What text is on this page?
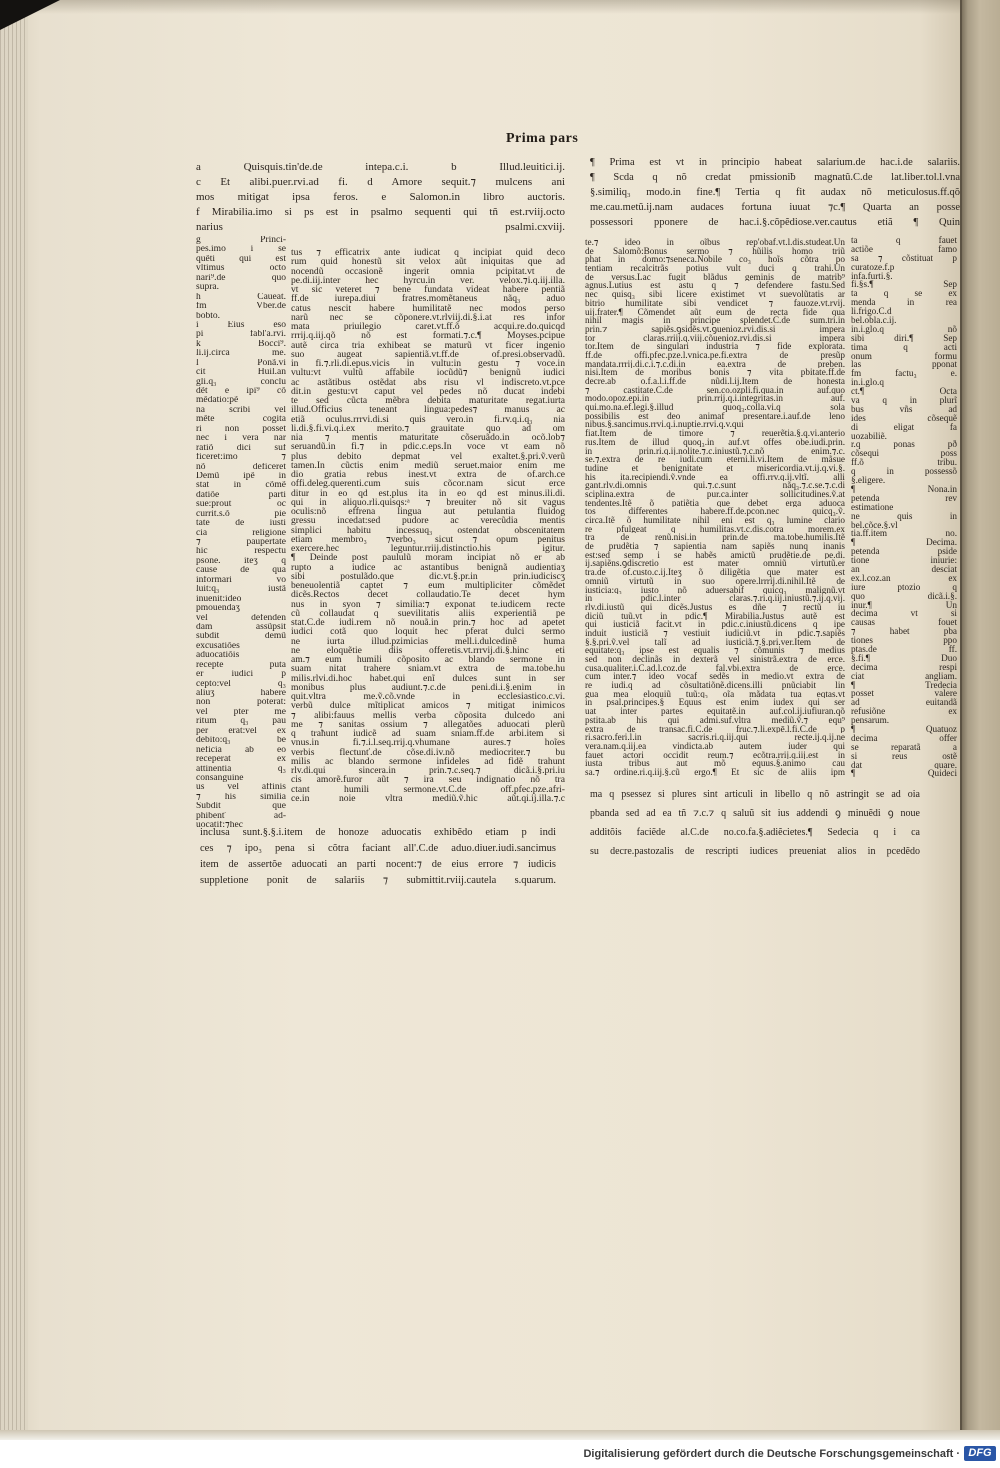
Prima pars
a Quisquis.tin'de.de intepa.c.i. b Illud.leuitici.ij.
c Et alibi.puer.rvi.ad fi. d Amore sequit.⁊ mulcens ani
mos mitigat ipsa feros. e Salomon.in libro auctoris.
f Mirabilia.imo si ps est in psalmo sequenti qui tñ est.rviij.octo
narius psalmi.cxviij.
g Princi-
pes.imo i se
quẽti qui est
vltimus octo
nari⁹.de quo
supra.
h Caueat.
fm Vber.de
bobto.
i Eius eso
pi fabl'a.rvi.
k Bocci⁹.
li.ij.circa me.
l Ponã.ví
cit Huil.an
gli.q₃ conclu
dẽt e ipi⁹ cõ
mẽdatio:pẽ
na scribi vel
mẽte cogita
ri non posset
nec i vera nar
ratiõ dici suf
ficeret:imo ⁊
nõ deficeret
Demũ ipẽ in
stat in cõmẽ
datiõe parti
sue:prout oc
currit.s.õ pie
tate de iusti
cia religione
⁊ paupertate
hic respectu
psone. iteʒ q
cause de qua
informari vo
luit:q₃ iustã
inuenit:ideo
pmouendaʒ
vel defenden
dam assũpsit
subdit demũ
excusatiões
aduocatiõis
recepte puta
er iudici p
cepto:vel q₃
aliuʒ habere
non poterat:
vel pter me
ritum q₃ pau
per erat:vel ex
debito:q₃ be
neficia ab eo
receperat ex
attinentia q₃
consanguine
us vel affinis
⁊ his similia
Subdit que
phibenť ad-
uocatif:⁊hec
tus ⁊ efficatrix ante iudicat q incipiat quid deco
rum quid honestũ sit velox aũt iniquitas que ad
nocendũ occasionẽ ingerit omnia pcipitat.vt de
pe.di.iij.inter hec hyrcu.in ver. velox.⁊i.q.iij.illa.
vt sic veteret ⁊ bene fundata videat habere pentiã
ff.de iurepa.diui fratres.momẽtaneus nãq₃ aduo
catus nescit habere humilitatẽ nec modos perso
narũ nec se cõponere.vt.rlviij.di.§.i.at res infor
mata priuilegio caret.vt.ff.õ acqui.re.do.quicqd
rrrij.q.iij.qõ nõ est formati.⁊.c.¶ Moyses.pcipue
autẽ circa tria exhibeat se maturũ vt ficer ingenio
suo augeat sapientiã.vt.ff.de of.presi.observadũ.
in fi.⁊.rli.di.epus.vicis in vultu:in gestu ⁊ voce.in
vultu:vt vultũ affabile iocũdũ⁊ benignũ iudici
ac astãtibus ostẽdat abs risu vl indiscreto.vt.pce
dit.in gestu:vt caput vel pedes nõ ducat indebi
te sed cũcta mẽbra debita maturitate regat.iurta
illud.Officius teneant lingua:pedes⁊ manus ac
etiã oculus.rrrvi.di.si quis vero.in fi.rv.q.i.q₃ nia
li.di.§.fi.vi.q.i.ex merito.⁊ grauitate quo ad om
nia ⁊ mentis maturitate cõseruãdo.in ocõ.lob⁊
seruandũ.in fi.⁊ in pdic.c.eps.In voce vt eam nõ
plus debito depmat vel exaltet.§.pri.ṽ.verũ
tamen.In cũctis enim mediũ seruet.maior enim me
dio gratia rebus inest.vt extra de of.arch.ce
offi.deleg.querenti.cum suis cõcor.nam sicut erce
ditur in eo qd est.plus ita in eo qd est minus.ili.di.
qui in aliquo.rli.quisqs:ᵃ ⁊ breuiter nõ sit vagus
oculis:nõ effrena lingua aut petulantia fluidog
gressu incedat:sed pudore ac verecũdia mentis
simplici habitu incessuq₃ ostendat obscenitatem
etiam membro₃ ⁊verbo₃ sicut ⁊ opum penitus
exercere.hec leguntur.rriij.distinctio.his igitur.
¶ Deinde post paululũ moram incipiat nõ er ab
rupto a iudice ac astantibus benignã audientiaʒ
sibi postulãdo.que dic.vt.§.pr.in prin.iudiciscʒ
beneuolentiã captet ⁊ eum multipliciter cõmẽdet
dicẽs.Rectos decet collaudatio.Te decet hym
nus in syon ⁊ similia:⁊ exponat te.iudicem recte
cũ collaudat q suevilitatis aliis experientiã pe
stat.C.de iudi.rem nõ nouã.in prin.⁊ hoc ad apetet
iudici cotã quo loquit hec pferat dulci sermo
ne iurta illud.pzimicias mell.i.dulcedinẽ huma
ne eloquẽtie diis offeretis.vt.rrrvij.di.§.hinc eti
am.⁊ eum humili cõposito ac blando sermone in
suam nitat trahere sniam.vt extra de ma.tobe.hu
milis.rlvi.di.hoc habet.qui enĩ dulces sunt in ser
monibus plus audiunt.⁊.c.de peni.di.i.§.enim in
quit.vltra me.ṽ.cõ.vnde in ecclesiastico.c.vi.
verbũ dulce mĩtiplicat amicos ⁊ mitigat inimicos
⁊ alibi:fauus mellis verba cõposita dulcedo ani
me ⁊ sanitas ossium ⁊ allegatões aduocati plerũ
q traħunt iudicẽ ad suam sniam.ff.de arbi.item si
vnus.in fi.⁊.i.l.seq.rrij.q.vhumane aures.⁊ hoĩes
verbis flectunť.de cõse.di.iv.nõ mediocriter.⁊ bu
milis ac blando sermone infideles ad fidẽ trahunt
rlv.di.qui sincera.in prin.⁊.c.seq.⁊ dicã.i.§.pri.iu
cis amorẽ.furor aũt ⁊ ira seu indignatio nõ tra
ctant humili sermone.vt.C.de off.pfec.pze.afri-
ce.in noie vltra mediũ.ṽ.hic aũt.qi.ij.illa.⁊.c
inclusa sunt.§.§.i.item de honoze aduocatis exhibẽdo etiam p indi
ces ⁊ ipo₃ pena si cõtra faciant all'.C.de aduo.diuer.iudi.sancimus
item de assertõe aduocati an parti nocent:⁊ de eius errore ⁊ iudicis
suppletione ponit de salariis ⁊ submittit.rviij.cautela s.quarum.
¶ Prima est vt in principio habeat salarium.de hac.i.de salariis.
¶ Scda q nõ credat pmissioniƀ magnatũ.C.de lat.liber.tol.l.vna
§.similiq₃ modo.in fine.¶ Tertia q fit audax nõ meticulosus.ff.qõ
me.cau.metũ.ij.nam audaces fortuna iuuat ⁊c.¶ Quarta an posse
possessori pponere de hac.i.§.cõpẽdiose.ver.cautus etiã ¶ Quin
te.⁊ ideo in oĩbus rep'obaf.vt.l.dis.studeat.Un
de Salomõ:Bonus sermo ⁊ hũilis homo triũ
phat in domo:⁊seneca.Nobile co₃ hoĩs cõtra po
tentiam recalcitrãs potius vult duci q trahi.Un
de versus.Lac fugit blãdus geminis de matrib⁹
agnus.Lutius est astu q ⁊ defendere fastu.Sed
nec quisq₃ sibi licere existimet vt suevolũtatis ar
bitrio humilitate sibi vendicet ⁊ fauoze.vt.rvij.
uij.frater.¶ Cõmendet aũt eum de recta fide qua
nihil magis in principe splendet.C.de sum.tri.in
prin.⁊ sapiẽs.ꝯsidẽs.vt.ꝯuenioz.rvi.dis.si impera
tor claras.rriij.q.viij.cõuenioz.rvi.dis.si impera
tor.Item de singulari industria ⁊ fide explorata.
ff.de offi.pfec.pze.l.vnica.pe.fi.extra de presũp
mandata.rrrij.di.c.i.⁊.c.di.in ea.extra de preben.
nisi.Item de moribus bonis ⁊ vita pbitate.ff.de
decre.ab o.f.a.l.i.ff.de nũdi.l.ij.Item de honesta
⁊ castitate.C.de sen.co.ozpli.fi.qua.in auf.quo
modo.opoz.epi.in prin.rrij.q.i.integritas.in auf.
qui.mo.na.ef.legi.§.illud quoq₃.colla.vi.q sola
possibilis est deo animaf presentare.i.auf.de leno
nibus.§.sancimus.rrvi.q.i.nuptie.rrvi.q.v.qui
fiat.Item de timore ⁊ reuerẽtia.§.q.vi.anterio
rus.Item de illud quoq₃.in auf.vt offes obe.iudi.prin.
in prin.ri.q.ij.nolite.⁊.c.iniustũ.⁊.c.nõ enim.⁊.c.
se.⁊.extra de re iudi.cum eterni.li.vi.Item de mãsue
tudine et benignitate et misericordia.vt.ij.q.vi.§.
his ita.recipiendi.ṽ.vnde ea offi.rrv.q.ij.vltĩ. alli
gant.rlv.di.omnis qui.⁊.c.sunt nãq₃.⁊.c.se.⁊.c.di
sciplina.extra de pur.ca.inter sollicitudines.ṽ.at
tendentes.Itẽ õ patiẽtia que debet erga aduoca
tos differentes habere.ff.de.pcon.nec quicq₃.ṽ.
circa.Itẽ õ humilitate nihil eni est q₃ lumine clario
re pfulgeat q humilitas.vt.c.dis.cotra morem.ex
tra de renũ.nisi.in prin.de ma.tobe.humilis.Itẽ
de prudẽtia ⁊ sapientia nam sapiẽs nunq inanis
est:sed semp i se habẽs amictũ prudẽtie.de pe.di.
ij.sapiẽns.ꝯdiscretio est mater omniũ virtutũ.er
tra.de of.custo.c.ij.Iteʒ õ diligẽtia que mater est
omniũ virtutũ in suo opere.lrrrij.di.nihil.Itẽ de
iusticia:q₃ iusto nõ aduersabif quicq₃ malignũ.vt
in pdic.l.inter claras.⁊.ri.q.iij.iniustũ.⁊.ij.q.vij.
rlv.di.iustũ qui dicẽs.Justus es dñe ⁊ rectũ iu
diciũ tuũ.vt in pdic.¶ Mirabilia.Justus autẽ est
qui iusticiã facit.vt in pdic.c.iniustũ.dicens q ipe
induit iusticiã ⁊ vestiuit iudiciũ.vt in pdic.⁊.sapiẽs
§.§.pri.ṽ.vel talĩ ad iusticiã.⁊.§.pri.ver.Item de
equitate:q₃ ipse est equalis ⁊ cõmunis ⁊ medius
sed non declinãs in dexterã vel sinistrã.extra de erce.
cusa.qualiter.i.C.ad.l.coz.de fal.vbi.extra de erce.
cum inter.⁊ ideo vocaf sedẽs in medio.vt extra de
re iudi.q ad cõsultatiõnẽ.dicens.illi pnũciabit lin
gua mea eloquiũ tuũ:q₃ oĩa mãdata tua eqtas.vt
in psal.principes.§ Equus est enim iudex qui ser
uat inter partes equitatẽ.in auf.col.ij.iufiuran.qõ
pstita.ab his qui admi.suf.vltra mediũ.ṽ.⁊ equ⁹
extra de transac.fi.C.de fruc.⁊.li.expē.l.fi.C.de p
ri.sacro.feri.l.in sacris.ri.q.iij.qui recte.ij.q.ij.ne
vera.nam.q.iij.ea vindicta.ab autem iuder qui
fauet actori occidit reum.⁊ ecõtra.rrij.q.iij.est in
iusta tribus aut mõ equus.§.animo cau
sa.⁊ ordine.ri.q.iij.§.cũ ergo.¶ Et sic de aliis ipm
ta q fauet
actiõe famo
sa ⁊ cõstituat p
curatoze.f.p
infa.furti.§.
fi.§s.¶ Sep
ta q se ex
menda in rea
li.frigo.C.d
bel.obla.c.ij.
in.i.glo.q nõ
sibi diri.¶ Sep
tima q acti
onum formu
las pponat
fm factu₃ e.
in.i.glo.q
ct.¶ Octa
va q in plurĩ
bus vñs ad
ides cõsequẽ
di eligat fa
uozabiliẽ.
r.q ponas pð
cõsequi poss
ff.õ tribu.
q in possessõ
§.eligere.
¶ Nona.in
petenda rev
estimatione
ne quis in
bel.cõce.§.vl
tia.ff.item no.
¶ Decima.
petenda pside
tione iniurie:
an desciat
ex.l.coz.an ex
iure ptozio q
quo dicã.i.§.
inur.¶ Un
decima vt si
causas fouet
⁊ habet pba
tiones ppo
ptas.de ff.
§.fi.¶ Duo
decima respi
ciat angliam.
¶ Tredecia
posset valere
ad euitandã
refusiõne ex
pensarum.
¶ Quatuoz
decima offer
se reparatã a
si reus ostẽ
dat quare.
¶ Quideci
ma q psessez si plures sint articuli in libello q nõ astringit se ad oia
pbanda sed ad ea tñ ⁊.c.⁊ q saluũ sit ius addendi ꝯ minuẽdi ꝯ noue
additõis faciẽde al.C.de no.co.fa.§.adiẽcietes.¶ Sedecia q i ca
su decre.pastozalis de rescripti iudices preueniat alios in pcedẽdo
Digitalisierung gefördert durch die Deutsche Forschungsgemeinschaft · DFG
